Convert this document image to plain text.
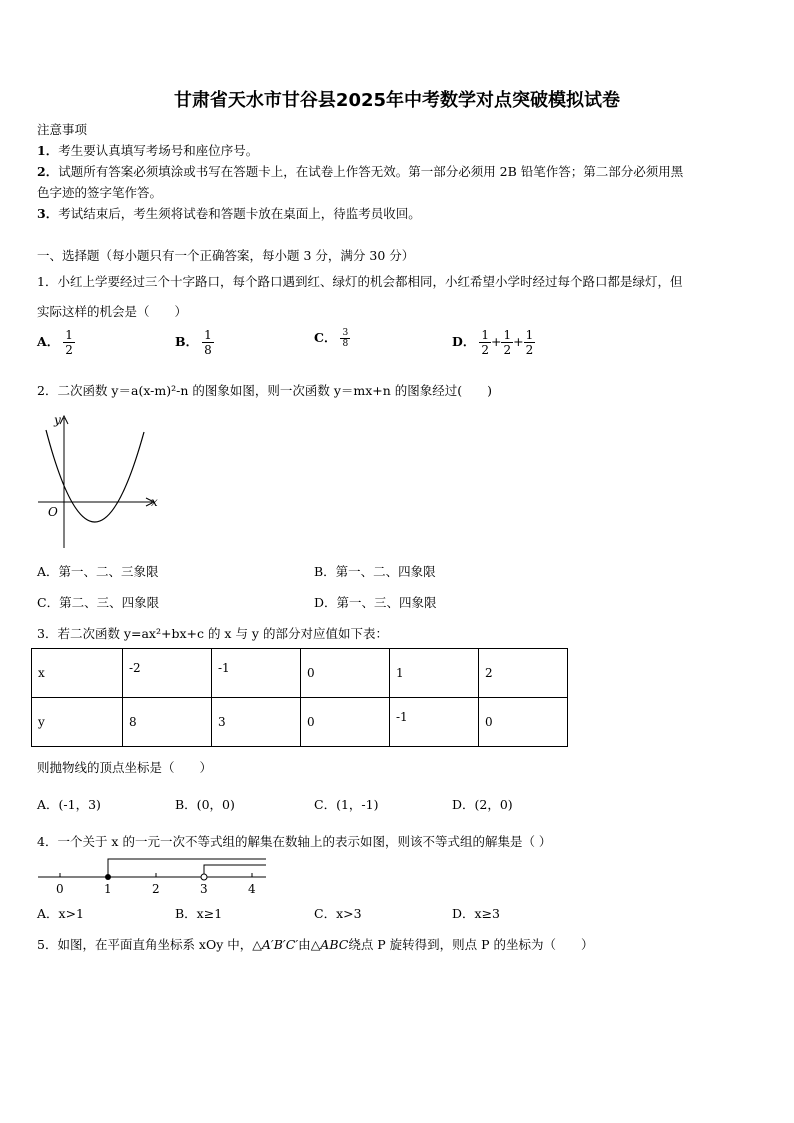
甘肃省天水市甘谷县2025年中考数学对点突破模拟试卷
注意事项
1．考生要认真填写考场号和座位序号。
2．试题所有答案必须填涂或书写在答题卡上，在试卷上作答无效。第一部分必须用 2B 铅笔作答；第二部分必须用黑
色字迹的签字笔作答。
3．考试结束后，考生须将试卷和答题卡放在桌面上，待监考员收回。
一、选择题（每小题只有一个正确答案，每小题 3 分，满分 30 分）
1．小红上学要经过三个十字路口，每个路口遇到红、绿灯的机会都相同，小红希望小学时经过每个路口都是绿灯，但
实际这样的机会是（　　）
A． $\frac{1}{2}$	B． $\frac{1}{8}$	C． $\frac{3}{8}$	D． $\frac{1}{2} + \frac{1}{2} + \frac{1}{2}$
2．二次函数 y＝a(x-m)²-n 的图象如图，则一次函数 y＝mx+n 的图象经过(　　)
y
x
O
A．第一、二、三象限	B．第一、二、四象限
C．第二、三、四象限	D．第一、三、四象限
3．若二次函数 y=ax²+bx+c 的 x 与 y 的部分对应值如下表：
x	-2	-1	0	1	2
y	8	3	0	-1	0
则抛物线的顶点坐标是（　　）
A．(-1，3)	B．(0，0)	C．(1，-1)	D．(2，0)
4．一个关于 x 的一元一次不等式组的解集在数轴上的表示如图，则该不等式组的解集是（ ）
0	1	2	3	4
A．x>1	B．x≥1	C．x>3	D．x≥3
5．如图，在平面直角坐标系 xOy 中，△A′B′C′由△ABC绕点 P 旋转得到，则点 P 的坐标为（　　）
